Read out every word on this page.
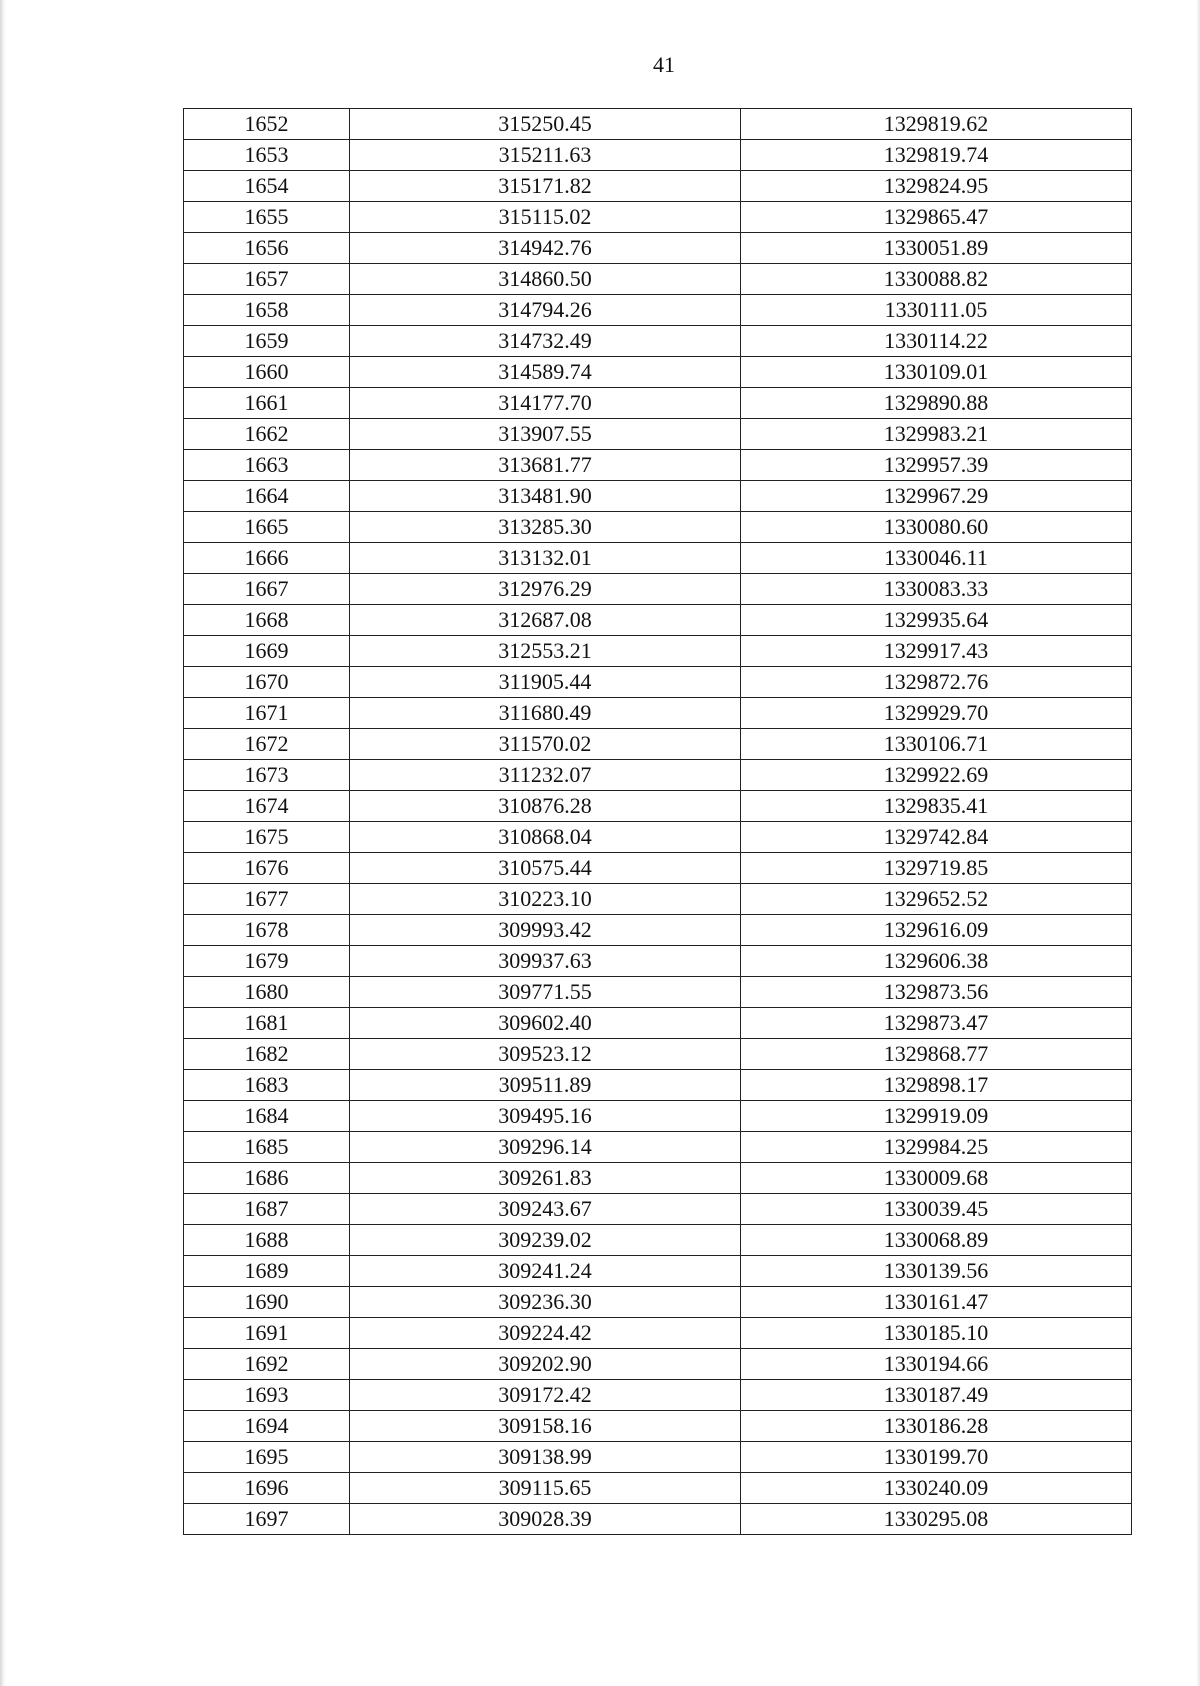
41
1652	315250.45	1329819.62
1653	315211.63	1329819.74
1654	315171.82	1329824.95
1655	315115.02	1329865.47
1656	314942.76	1330051.89
1657	314860.50	1330088.82
1658	314794.26	1330111.05
1659	314732.49	1330114.22
1660	314589.74	1330109.01
1661	314177.70	1329890.88
1662	313907.55	1329983.21
1663	313681.77	1329957.39
1664	313481.90	1329967.29
1665	313285.30	1330080.60
1666	313132.01	1330046.11
1667	312976.29	1330083.33
1668	312687.08	1329935.64
1669	312553.21	1329917.43
1670	311905.44	1329872.76
1671	311680.49	1329929.70
1672	311570.02	1330106.71
1673	311232.07	1329922.69
1674	310876.28	1329835.41
1675	310868.04	1329742.84
1676	310575.44	1329719.85
1677	310223.10	1329652.52
1678	309993.42	1329616.09
1679	309937.63	1329606.38
1680	309771.55	1329873.56
1681	309602.40	1329873.47
1682	309523.12	1329868.77
1683	309511.89	1329898.17
1684	309495.16	1329919.09
1685	309296.14	1329984.25
1686	309261.83	1330009.68
1687	309243.67	1330039.45
1688	309239.02	1330068.89
1689	309241.24	1330139.56
1690	309236.30	1330161.47
1691	309224.42	1330185.10
1692	309202.90	1330194.66
1693	309172.42	1330187.49
1694	309158.16	1330186.28
1695	309138.99	1330199.70
1696	309115.65	1330240.09
1697	309028.39	1330295.08
